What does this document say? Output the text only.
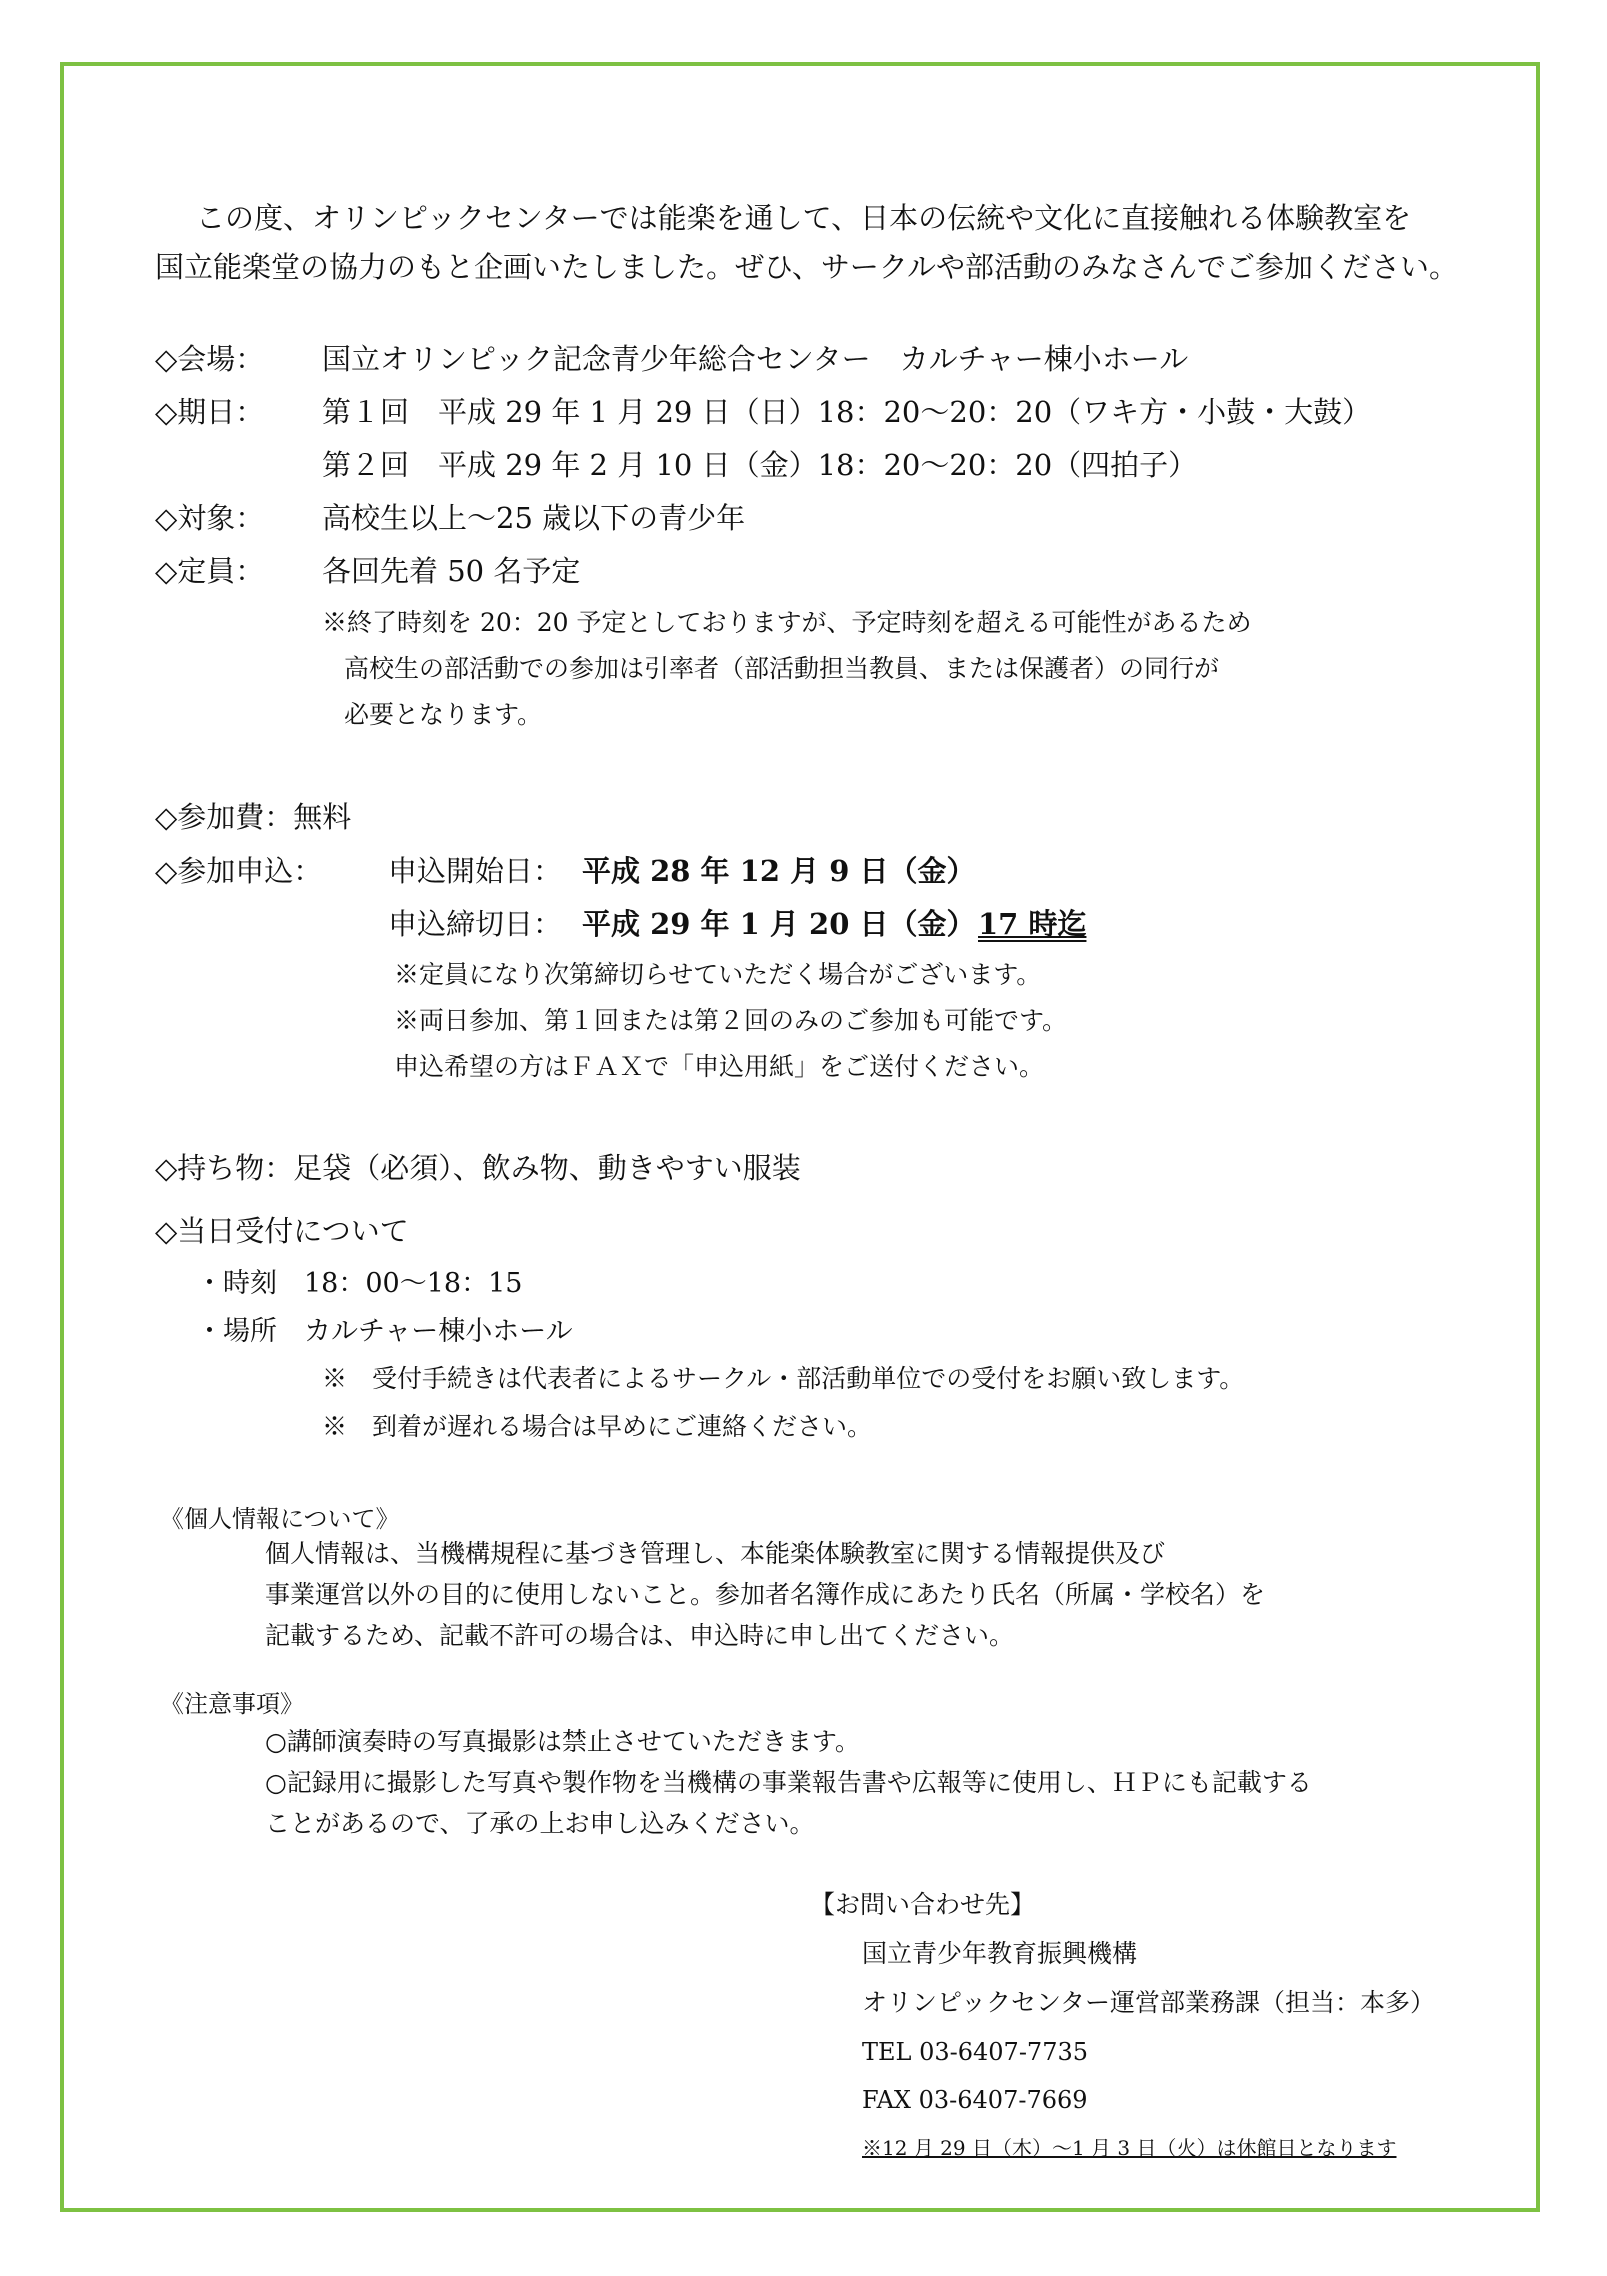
この度、オリンピックセンターでは能楽を通して、日本の伝統や文化に直接触れる体験教室を
国立能楽堂の協力のもと企画いたしました。ぜひ、サークルや部活動のみなさんでご参加ください。
◇会場： 国立オリンピック記念青少年総合センター　カルチャー棟小ホール
◇期日： 第１回　平成 29 年 1 月 29 日（日）18：20〜20：20（ワキ方・小鼓・大鼓）
第２回　平成 29 年 2 月 10 日（金）18：20〜20：20（四拍子）
◇対象： 高校生以上〜25 歳以下の青少年
◇定員： 各回先着 50 名予定
※終了時刻を 20：20 予定としておりますが、予定時刻を超える可能性があるため
高校生の部活動での参加は引率者（部活動担当教員、または保護者）の同行が
必要となります。
◇参加費：無料
◇参加申込： 申込開始日： 平成 28 年 12 月 9 日（金）
申込締切日： 平成 29 年 1 月 20 日（金） 17 時迄
※定員になり次第締切らせていただく場合がございます。
※両日参加、第１回または第２回のみのご参加も可能です。
申込希望の方はＦＡＸで「申込用紙」をご送付ください。
◇持ち物：足袋（必須）、飲み物、動きやすい服装
◇当日受付について
・時刻　18：00〜18：15
・場所　カルチャー棟小ホール
※　受付手続きは代表者によるサークル・部活動単位での受付をお願い致します。
※　到着が遅れる場合は早めにご連絡ください。
《個人情報について》
個人情報は、当機構規程に基づき管理し、本能楽体験教室に関する情報提供及び
事業運営以外の目的に使用しないこと。参加者名簿作成にあたり氏名（所属・学校名）を
記載するため、記載不許可の場合は、申込時に申し出てください。
《注意事項》
○講師演奏時の写真撮影は禁止させていただきます。
○記録用に撮影した写真や製作物を当機構の事業報告書や広報等に使用し、ＨＰにも記載する
ことがあるので、了承の上お申し込みください。
【お問い合わせ先】
国立青少年教育振興機構
オリンピックセンター運営部業務課（担当：本多）
TEL 03-6407-7735
FAX 03-6407-7669
※12 月 29 日（木）〜1 月 3 日（火）は休館日となります
